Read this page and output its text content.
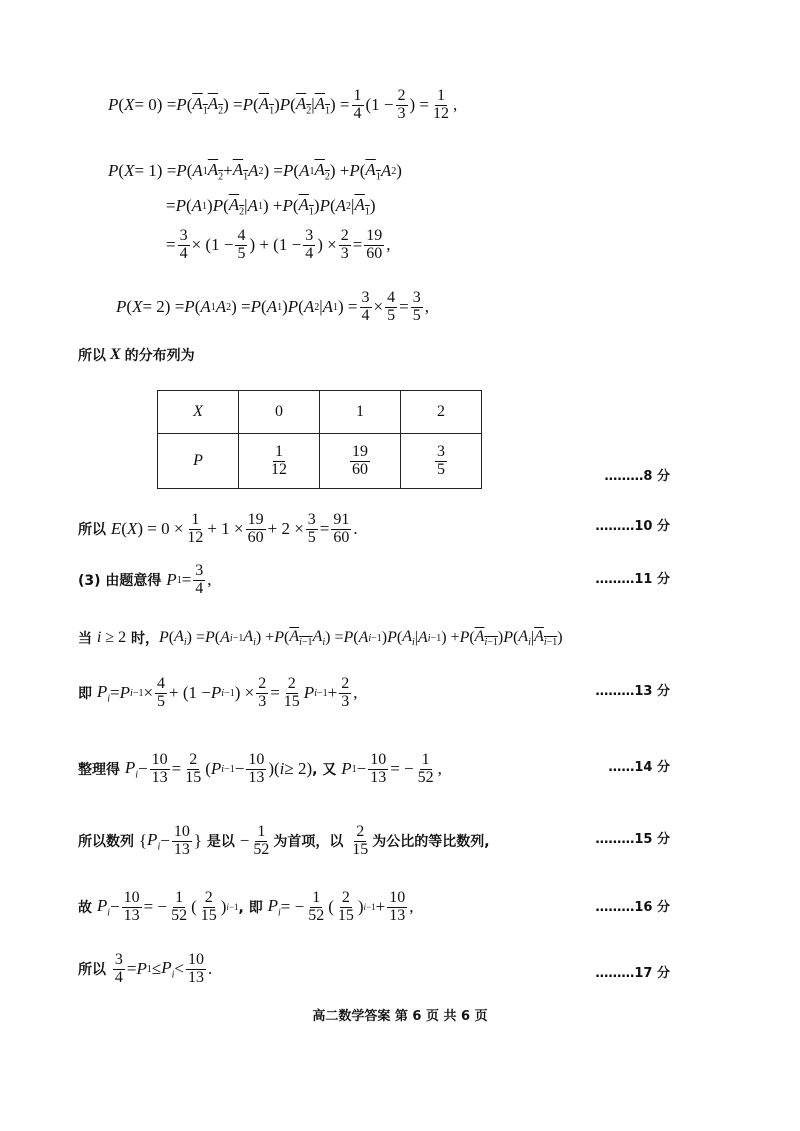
P ( X = 0) = P ( $A_1$ $A_2$ ) = P ( $A_1$ ) P ( $A_2$ | $A_1$ ) = $\frac{1}{4} (1 - \frac{2}{3}$ ) = $\frac{1}{12}$ ,
P ( X = 1) = P ( A 1 $A_2 + A_1$ A 2 ) = P ( A 1 $A_2$ ) + P ( $A_1$ A 2 )
= P ( A 1 ) P ( $A_2$ | A 1 ) + P ( $A_1$ ) P ( A 2 | $A_1$ )
= $\frac{3}{4} \times (1 - \frac{4}{5}$ ) + ($1 - \frac{3}{4}$ ) × $\frac{2}{3} = \frac{19}{60}$ ,
P ( X = 2) = P ( A 1 A 2 ) = P ( A 1 ) P ( A 2 | A 1 ) = $\frac{3}{4} \times \frac{4}{5} = \frac{3}{5}$ ,
所以 X 的分布列为
X	0	1	2
P	$\frac{1}{12}$	$\frac{19}{60}$	$\frac{3}{5}$	………8 分
所以 E ( X ) = $0 \times \frac{1}{12} + 1 \times \frac{19}{60} + 2 \times \frac{3}{5} = \frac{91}{60}$ .	………10 分
(3) 由题意得 P $1 = \frac{3}{4}$ ,	………11 分
当 i ≥ 2 时， P ( $A_i$ ) = P ( A i−1 $A_i$ ) + P ( $A_{i-1}$ $A_i$ ) = P ( A i−1 ) P ( $A_i$ | A i−1 ) + P ( $A_{i-1}$ ) P ( $A_i$ | $A_{i-1}$ )
即 $P_i = P$ $i-1 \times \frac{4}{5} + (1 - P$ i−1 ) × $\frac{2}{3} = \frac{2}{15}$ P $i-1 + \frac{2}{3}$ ,	………13 分
整理得 $P_i - \frac{10}{13} = \frac{2}{15}$ ( P $i-1 - \frac{10}{13}$ )( i ≥ 2) , 又 P $1 - \frac{10}{13}$ = − $\frac{1}{52}$ ,	……14 分
所以数列 { $P_i - \frac{10}{13}$ } 是以 − $\frac{1}{52}$ 为首项，以 $\frac{2}{15}$ 为公比的等比数列,	………15 分
故 $P_i - \frac{10}{13}$ = − $\frac{1}{52}$ ( $\frac{2}{15}$ ) i−1 , 即 $P_i$ = − $\frac{1}{52}$ ( $\frac{2}{15}$ ) $i-1 + \frac{10}{13}$ ,	………16 分
所以 $\frac{3}{4} = P$ $1 \le P_i < \frac{10}{13}$ .	………17 分
高二数学答案 第 6 页 共 6 页
